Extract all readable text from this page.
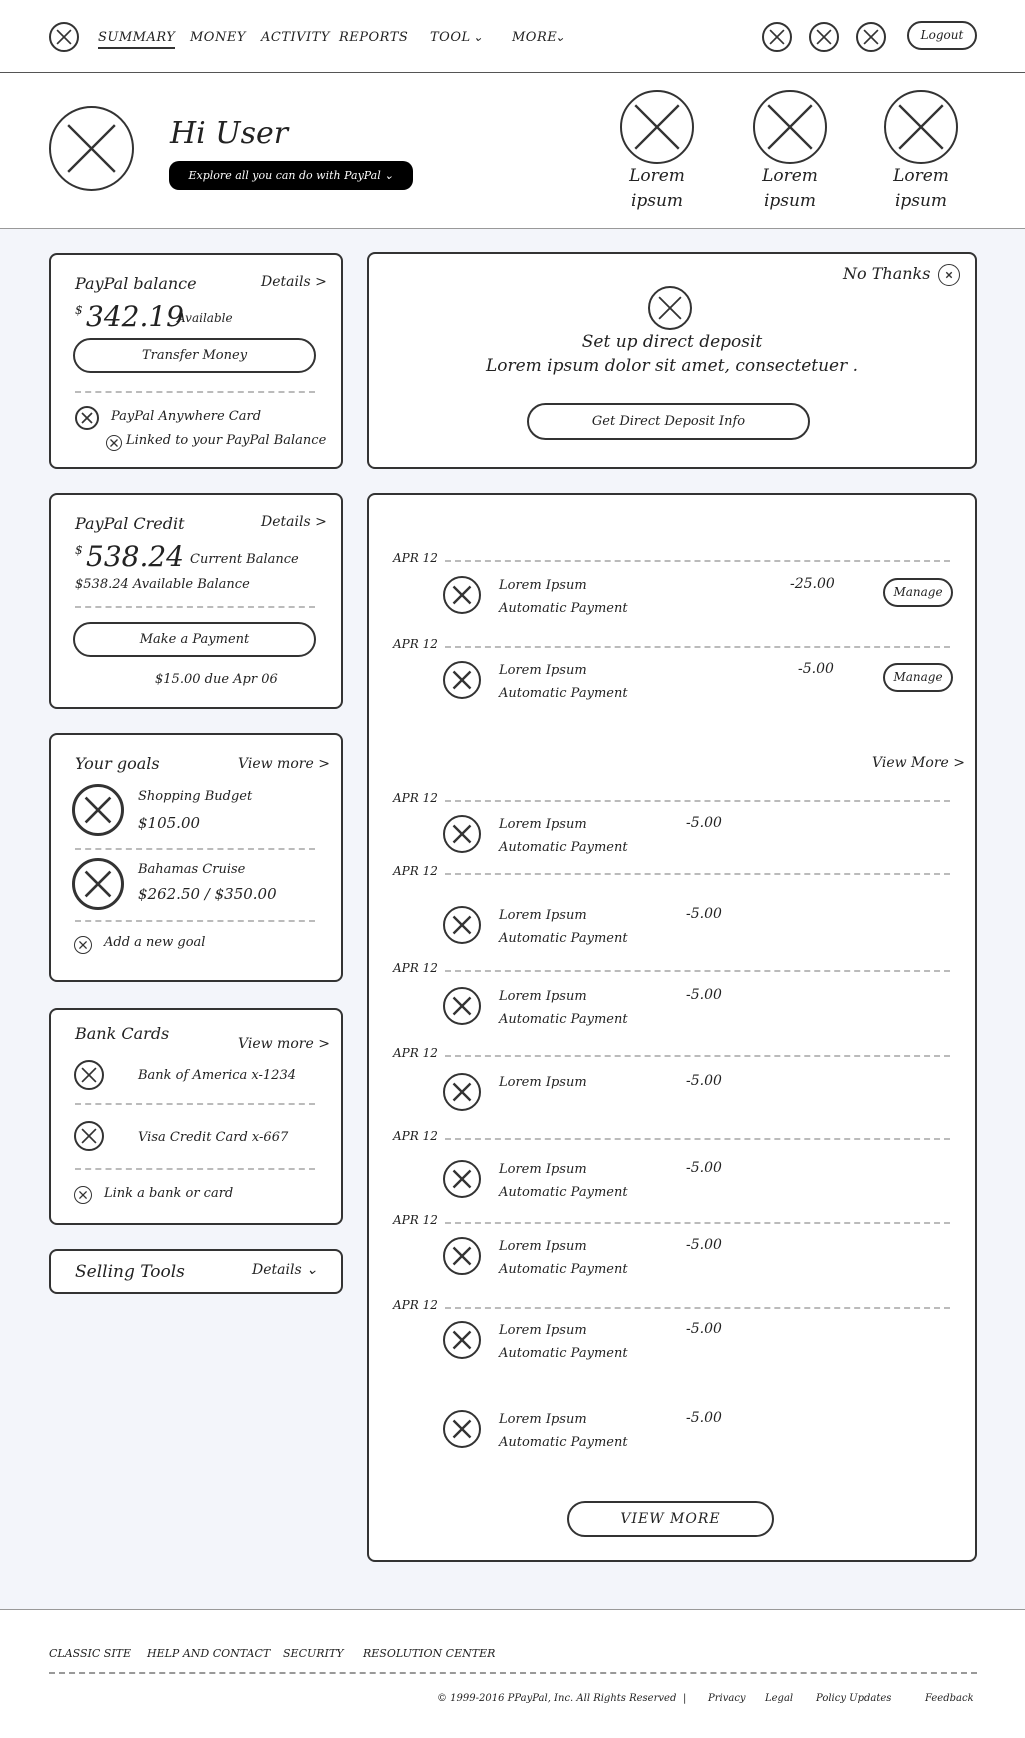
SUMMARY MONEY ACTIVITY REPORTS TOOL ⌄ MORE
⌄	Logout
Hi User
Explore all you can do with PayPal ⌄	Lorem
ipsum
Lorem
ipsum
Lorem
ipsum
PayPal balance	Details >
$ 342.19
Available
Transfer Money
PayPal Anywhere Card
Linked to your PayPal Balance
PayPal Credit	Details >
$ 538.24 Current Balance
$538.24 Available Balance
Make a Payment
$15.00 due Apr 06
Your goals	View more >
Shopping Budget
$105.00
Bahamas Cruise
$262.50 / $350.00
Add a new goal
Bank Cards
View more >
Bank of America x-1234
Visa Credit Card x-667
Link a bank or card
Selling Tools	Details ⌄
No Thanks
Set up direct deposit
Lorem ipsum dolor sit amet, consectetuer .
Get Direct Deposit Info
APR 12
Lorem Ipsum
Automatic Payment
-25.00	Manage
APR 12
Lorem Ipsum
Automatic Payment
-5.00	Manage
View More >
APR 12
Lorem Ipsum
Automatic Payment
-5.00
APR 12
Lorem Ipsum
Automatic Payment
-5.00
APR 12
Lorem Ipsum
Automatic Payment
-5.00
APR 12
Lorem Ipsum	-5.00
APR 12
Lorem Ipsum
Automatic Payment
-5.00
APR 12
Lorem Ipsum
Automatic Payment
-5.00
APR 12
Lorem Ipsum
Automatic Payment
-5.00
Lorem Ipsum
Automatic Payment
-5.00
VIEW MORE
CLASSIC SITE HELP AND CONTACT SECURITY RESOLUTION CENTER
© 1999-2016 PPayPal, Inc. All Rights Reserved | Privacy Legal Policy Updates	Feedback
